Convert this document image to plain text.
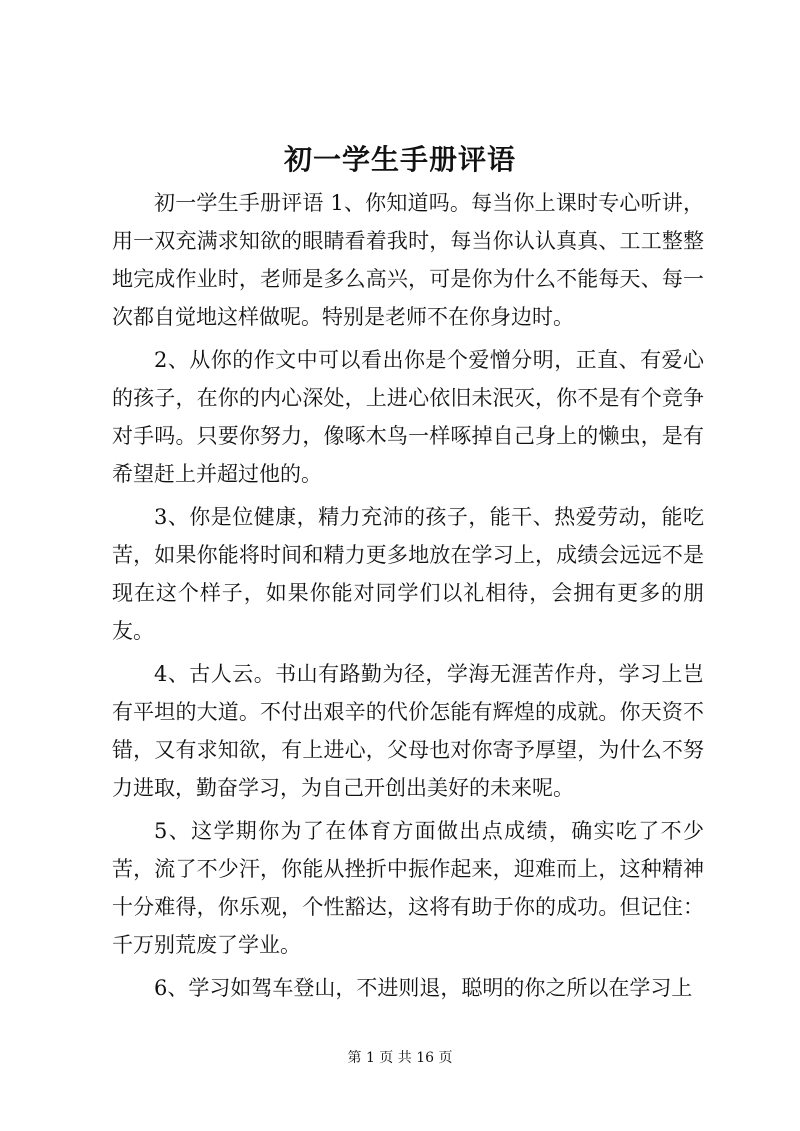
初一学生手册评语

初一学生手册评语 1、你知道吗。每当你上课时专心听讲，用一双充满求知欲的眼睛看着我时，每当你认认真真、工工整整地完成作业时，老师是多么高兴，可是你为什么不能每天、每一次都自觉地这样做呢。特别是老师不在你身边时。

2、从你的作文中可以看出你是个爱憎分明，正直、有爱心的孩子，在你的内心深处，上进心依旧未泯灭，你不是有个竞争对手吗。只要你努力，像啄木鸟一样啄掉自己身上的懒虫，是有希望赶上并超过他的。

3、你是位健康，精力充沛的孩子，能干、热爱劳动，能吃苦，如果你能将时间和精力更多地放在学习上，成绩会远远不是现在这个样子，如果你能对同学们以礼相待，会拥有更多的朋友。

4、古人云。书山有路勤为径，学海无涯苦作舟，学习上岂有平坦的大道。不付出艰辛的代价怎能有辉煌的成就。你天资不错，又有求知欲，有上进心，父母也对你寄予厚望，为什么不努力进取，勤奋学习，为自己开创出美好的未来呢。

5、这学期你为了在体育方面做出点成绩，确实吃了不少苦，流了不少汗，你能从挫折中振作起来，迎难而上，这种精神十分难得，你乐观，个性豁达，这将有助于你的成功。但记住：千万别荒废了学业。

6、学习如驾车登山，不进则退，聪明的你之所以在学习上

第 1 页 共 16 页
